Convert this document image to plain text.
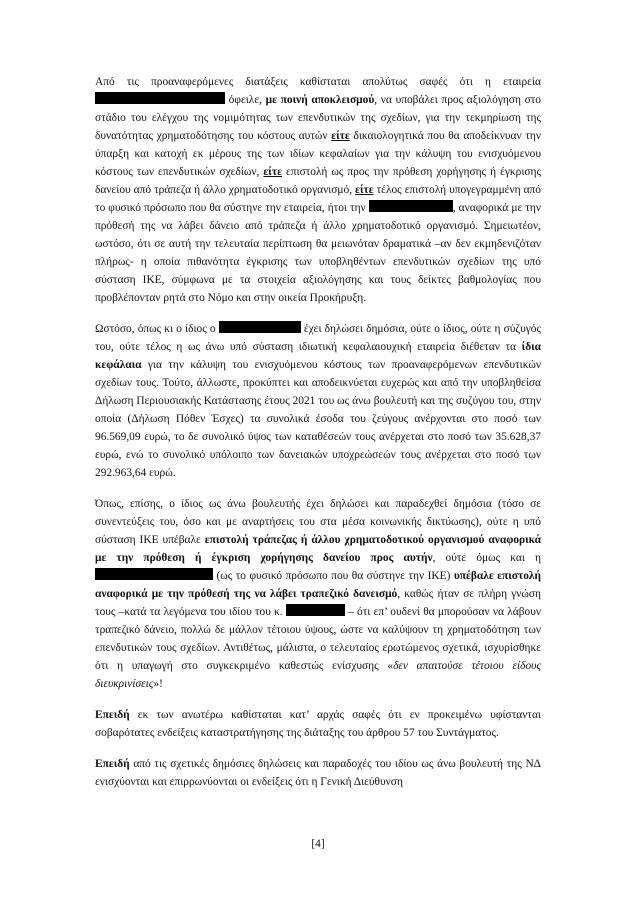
Από τις προαναφερόμενες διατάξεις καθίσταται απολύτως σαφές ότι η εταιρεία  όφειλε, με ποινή αποκλεισμού, να υποβάλει προς αξιολόγηση στο στάδιο του ελέγχου της νομιμότητας των επενδυτικών της σχεδίων, για την τεκμηρίωση της δυνατότητας χρηματοδότησης του κόστους αυτών είτε δικαιολογητικά που θα αποδείκνυαν την ύπαρξη και κατοχή εκ μέρους της των ιδίων κεφαλαίων για την κάλυψη του ενισχυόμενου κόστους των επενδυτικών σχεδίων, είτε επιστολή ως προς την πρόθεση χορήγησης ή έγκρισης δανείου από τράπεζα ή άλλο χρηματοδοτικό οργανισμό, είτε τέλος επιστολή υπογεγραμμένη από το φυσικό πρόσωπο που θα σύστηνε την εταιρεία, ήτοι την	, αναφορικά με την πρόθεσή της να λάβει δάνειο από τράπεζα ή άλλο χρηματοδοτικό οργανισμό. Σημειωτέον, ωστόσο, ότι σε αυτή την τελευταία περίπτωση θα μειωνόταν δραματικά –αν δεν εκμηδενιζόταν πλήρως- η οποία πιθανότητα έγκρισης των υποβληθέντων επενδυτικών σχεδίων της υπό σύσταση ΙΚΕ, σύμφωνα με τα στοιχεία αξιολόγησης και τους δείκτες βαθμολογίας που προβλέπονταν ρητά στο Νόμο και στην οικεία Προκήρυξη.

Ωστόσο, όπως κι ο ίδιος ο	έχει δηλώσει δημόσια, ούτε ο ίδιος, ούτε η σύζυγός του, ούτε τέλος η ως άνω υπό σύσταση ιδιωτική κεφαλαιουχική εταιρεία διέθεταν τα ίδια κεφάλαια για την κάλυψη του ενισχυόμενου κόστους των προαναφερόμενων επενδυτικών σχεδίων τους. Τούτο, άλλωστε, προκύπτει και αποδεικνύεται ευχερώς και από την υποβληθείσα Δήλωση Περιουσιακής Κατάστασης έτους 2021 του ως άνω βουλευτή και της συζύγου του, στην οποία (Δήλωση Πόθεν Έσχες) τα συνολικά έσοδα του ζεύγους ανέρχονται στο ποσό των 96.569,09 ευρώ, το δε συνολικό ύψος των καταθέσεών τους ανέρχεται στο ποσό των 35.628,37 ευρώ, ενώ το συνολικό υπόλοιπο των δανειακών υποχρεώσεών τους ανέρχεται στο ποσό των 292.963,64 ευρώ.

Όπως, επίσης, ο ίδιος ως άνω βουλευτής έχει δηλώσει και παραδεχθεί δημόσια (τόσο σε συνεντεύξεις του, όσο και με αναρτήσεις του στα μέσα κοινωνικής δικτύωσης), ούτε η υπό σύσταση ΙΚΕ υπέβαλε επιστολή τράπεζας ή άλλου χρηματοδοτικού οργανισμού αναφορικά με την πρόθεση ή έγκριση χορήγησης δανείου προς αυτήν, ούτε όμως και η  (ως το φυσικό πρόσωπο που θα σύστηνε την ΙΚΕ) υπέβαλε επιστολή αναφορικά με την πρόθεσή της να λάβει τραπεζικό δανεισμό, καθώς ήταν σε πλήρη γνώση τους –κατά τα λεγόμενα του ιδίου του κ.	– ότι επ’ ουδενί θα μπορούσαν να λάβουν τραπεζικό δάνειο, πολλώ δε μάλλον τέτοιου ύψους, ώστε να καλύψουν τη χρηματοδότηση των επενδυτικών τους σχεδίων. Αντιθέτως, μάλιστα, ο τελευταίος ερωτώμενος σχετικά, ισχυρίσθηκε ότι η υπαγωγή στο συγκεκριμένο καθεστώς ενίσχυσης «δεν απαιτούσε τέτοιου είδους διευκρινίσεις»!

Επειδή εκ των ανωτέρω καθίσταται κατ’ αρχάς σαφές ότι εν προκειμένω υφίστανται σοβαρότατες ενδείξεις καταστρατήγησης της διάταξης του άρθρου 57 του Συντάγματος.

Επειδή από τις σχετικές δημόσιες δηλώσεις και παραδοχές του ιδίου ως άνω βουλευτή της ΝΔ ενισχύονται και επιρρωνύονται οι ενδείξεις ότι η Γενική Διεύθυνση

[4]
